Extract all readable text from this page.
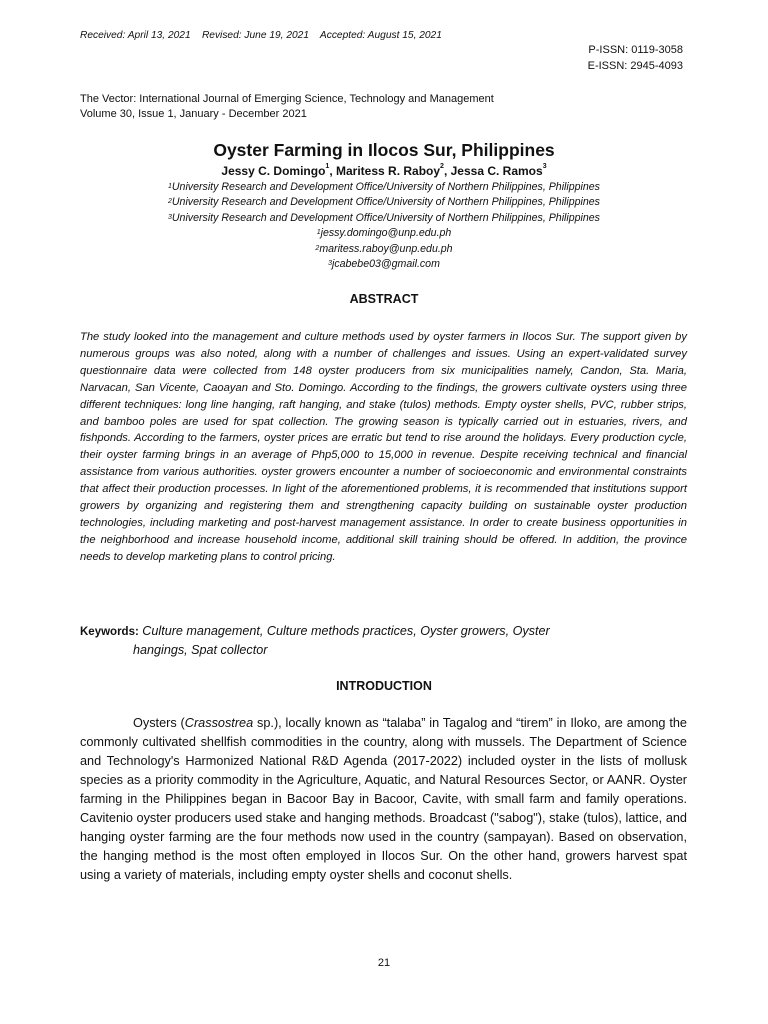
Received: April 13, 2021    Revised: June 19, 2021    Accepted: August 15, 2021
P-ISSN: 0119-3058
E-ISSN: 2945-4093
The Vector: International Journal of Emerging Science, Technology and Management
Volume 30, Issue 1, January - December 2021
Oyster Farming in Ilocos Sur, Philippines
Jessy C. Domingo$^1$, Maritess R. Raboy$^2$, Jessa C. Ramos$^3$
$^1$University Research and Development Office/University of Northern Philippines, Philippines
$^2$University Research and Development Office/University of Northern Philippines, Philippines
$^3$University Research and Development Office/University of Northern Philippines, Philippines
$^1$jessy.domingo@unp.edu.ph
$^2$maritess.raboy@unp.edu.ph
$^3$jcabebe03@gmail.com
ABSTRACT
The study looked into the management and culture methods used by oyster farmers in Ilocos Sur. The support given by numerous groups was also noted, along with a number of challenges and issues. Using an expert-validated survey questionnaire data were collected from 148 oyster producers from six municipalities namely, Candon, Sta. Maria, Narvacan, San Vicente, Caoayan and Sto. Domingo. According to the findings, the growers cultivate oysters using three different techniques: long line hanging, raft hanging, and stake (tulos) methods. Empty oyster shells, PVC, rubber strips, and bamboo poles are used for spat collection. The growing season is typically carried out in estuaries, rivers, and fishponds. According to the farmers, oyster prices are erratic but tend to rise around the holidays. Every production cycle, their oyster farming brings in an average of Php5,000 to 15,000 in revenue. Despite receiving technical and financial assistance from various authorities. oyster growers encounter a number of socioeconomic and environmental constraints that affect their production processes. In light of the aforementioned problems, it is recommended that institutions support growers by organizing and registering them and strengthening capacity building on sustainable oyster production technologies, including marketing and post-harvest management assistance. In order to create business opportunities in the neighborhood and increase household income, additional skill training should be offered. In addition, the province needs to develop marketing plans to control pricing.
Keywords: Culture management, Culture methods practices, Oyster growers, Oyster
hangings, Spat collector
INTRODUCTION
Oysters (Crassostrea sp.), locally known as “talaba” in Tagalog and “tirem” in Iloko, are among the commonly cultivated shellfish commodities in the country, along with mussels. The Department of Science and Technology's Harmonized National R&D Agenda (2017-2022) included oyster in the lists of mollusk species as a priority commodity in the Agriculture, Aquatic, and Natural Resources Sector, or AANR. Oyster farming in the Philippines began in Bacoor Bay in Bacoor, Cavite, with small farm and family operations. Cavitenio oyster producers used stake and hanging methods. Broadcast ("sabog"), stake (tulos), lattice, and hanging oyster farming are the four methods now used in the country (sampayan). Based on observation, the hanging method is the most often employed in Ilocos Sur. On the other hand, growers harvest spat using a variety of materials, including empty oyster shells and coconut shells.
21
